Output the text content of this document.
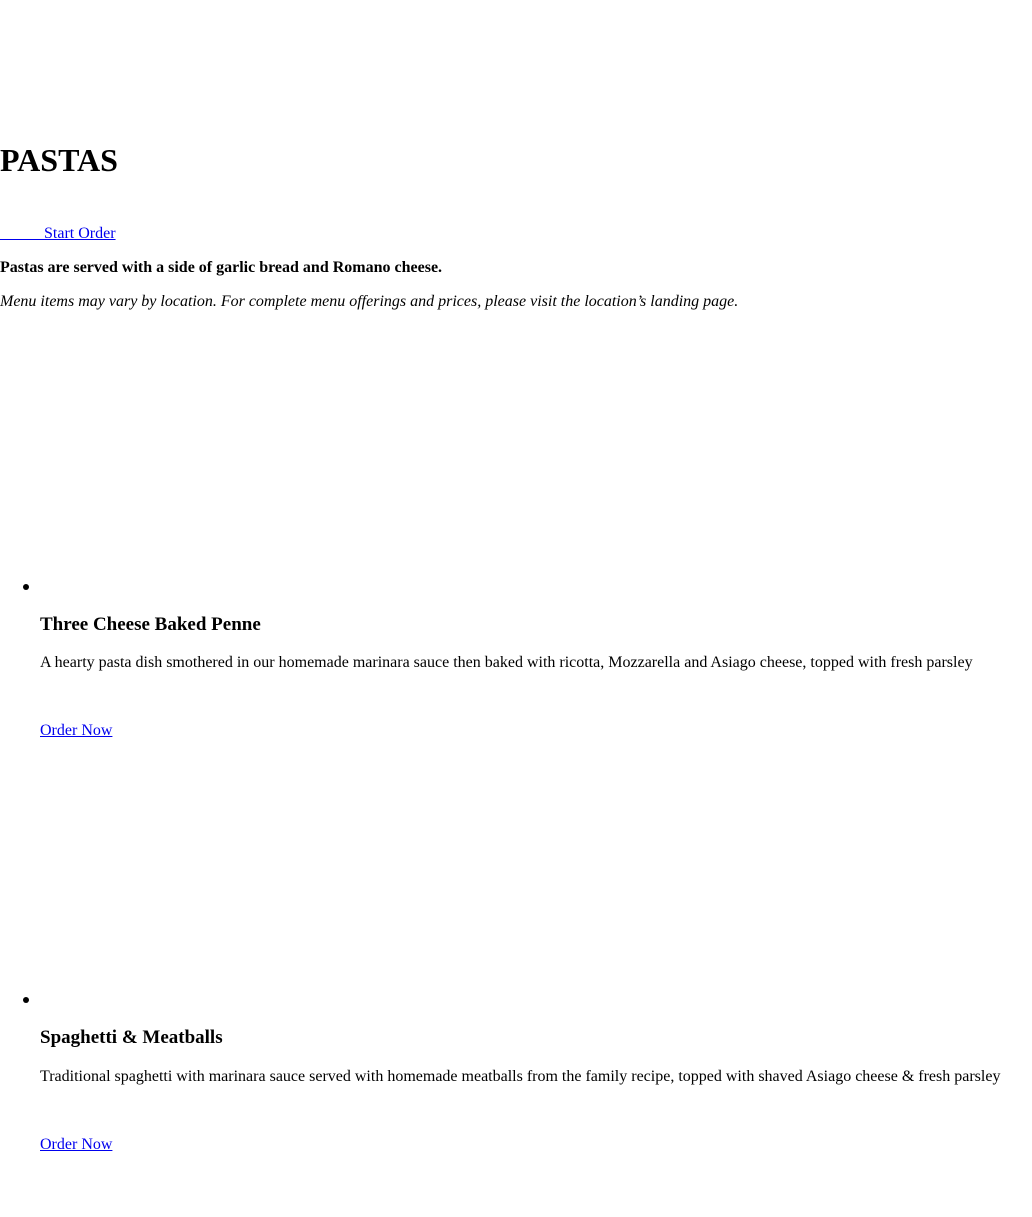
PASTAS
Start Order

Pastas are served with a side of garlic bread and Romano cheese.

Menu items may vary by location. For complete menu offerings and prices, please visit the location’s landing page.

Three Cheese Baked Penne

A hearty pasta dish smothered in our homemade marinara sauce then baked with ricotta, Mozzarella and Asiago cheese, topped with fresh parsley

Order Now
Spaghetti & Meatballs

Traditional spaghetti with marinara sauce served with homemade meatballs from the family recipe, topped with shaved Asiago cheese & fresh parsley

Order Now
